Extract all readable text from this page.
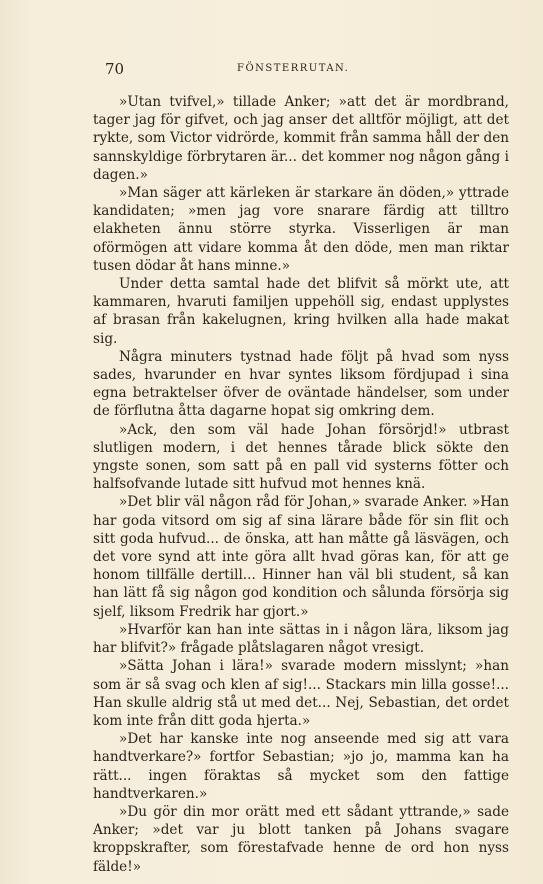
70	FÖNSTERRUTAN.

»Utan tvifvel,» tillade Anker; »att det är mordbrand, tager jag för gifvet, och jag anser det alltför möjligt, att det rykte, som Victor vidrörde, kommit från samma håll der den sannskyldige förbrytaren är... det kommer nog någon gång i dagen.»

»Man säger att kärleken är starkare än döden,» yttrade kandidaten; »men jag vore snarare färdig att tilltro elakheten ännu större styrka. Visserligen är man oförmögen att vidare komma åt den döde, men man riktar tusen dödar åt hans minne.»

Under detta samtal hade det blifvit så mörkt ute, att kammaren, hvaruti familjen uppehöll sig, endast upplystes af brasan från kakelugnen, kring hvilken alla hade makat sig.

Några minuters tystnad hade följt på hvad som nyss sades, hvarunder en hvar syntes liksom fördjupad i sina egna betraktelser öfver de oväntade händelser, som under de förflutna åtta dagarne hopat sig omkring dem.

»Ack, den som väl hade Johan försörjd!» utbrast slutligen modern, i det hennes tårade blick sökte den yngste sonen, som satt på en pall vid systerns fötter och halfsofvande lutade sitt hufvud mot hennes knä.

»Det blir väl någon råd för Johan,» svarade Anker. »Han har goda vitsord om sig af sina lärare både för sin flit och sitt goda hufvud... de önska, att han måtte gå läsvägen, och det vore synd att inte göra allt hvad göras kan, för att ge honom tillfälle dertill... Hinner han väl bli student, så kan han lätt få sig någon god kondition och sålunda försörja sig sjelf, liksom Fredrik har gjort.»

»Hvarför kan han inte sättas in i någon lära, liksom jag har blifvit?» frågade plåtslagaren något vresigt.

»Sätta Johan i lära!» svarade modern misslynt; »han som är så svag och klen af sig!... Stackars min lilla gosse!... Han skulle aldrig stå ut med det... Nej, Sebastian, det ordet kom inte från ditt goda hjerta.»

»Det har kanske inte nog anseende med sig att vara handtverkare?» fortfor Sebastian; »jo jo, mamma kan ha rätt... ingen föraktas så mycket som den fattige handtverkaren.»

»Du gör din mor orätt med ett sådant yttrande,» sade Anker; »det var ju blott tanken på Johans svagare kroppskrafter, som förestafvade henne de ord hon nyss fälde!»
